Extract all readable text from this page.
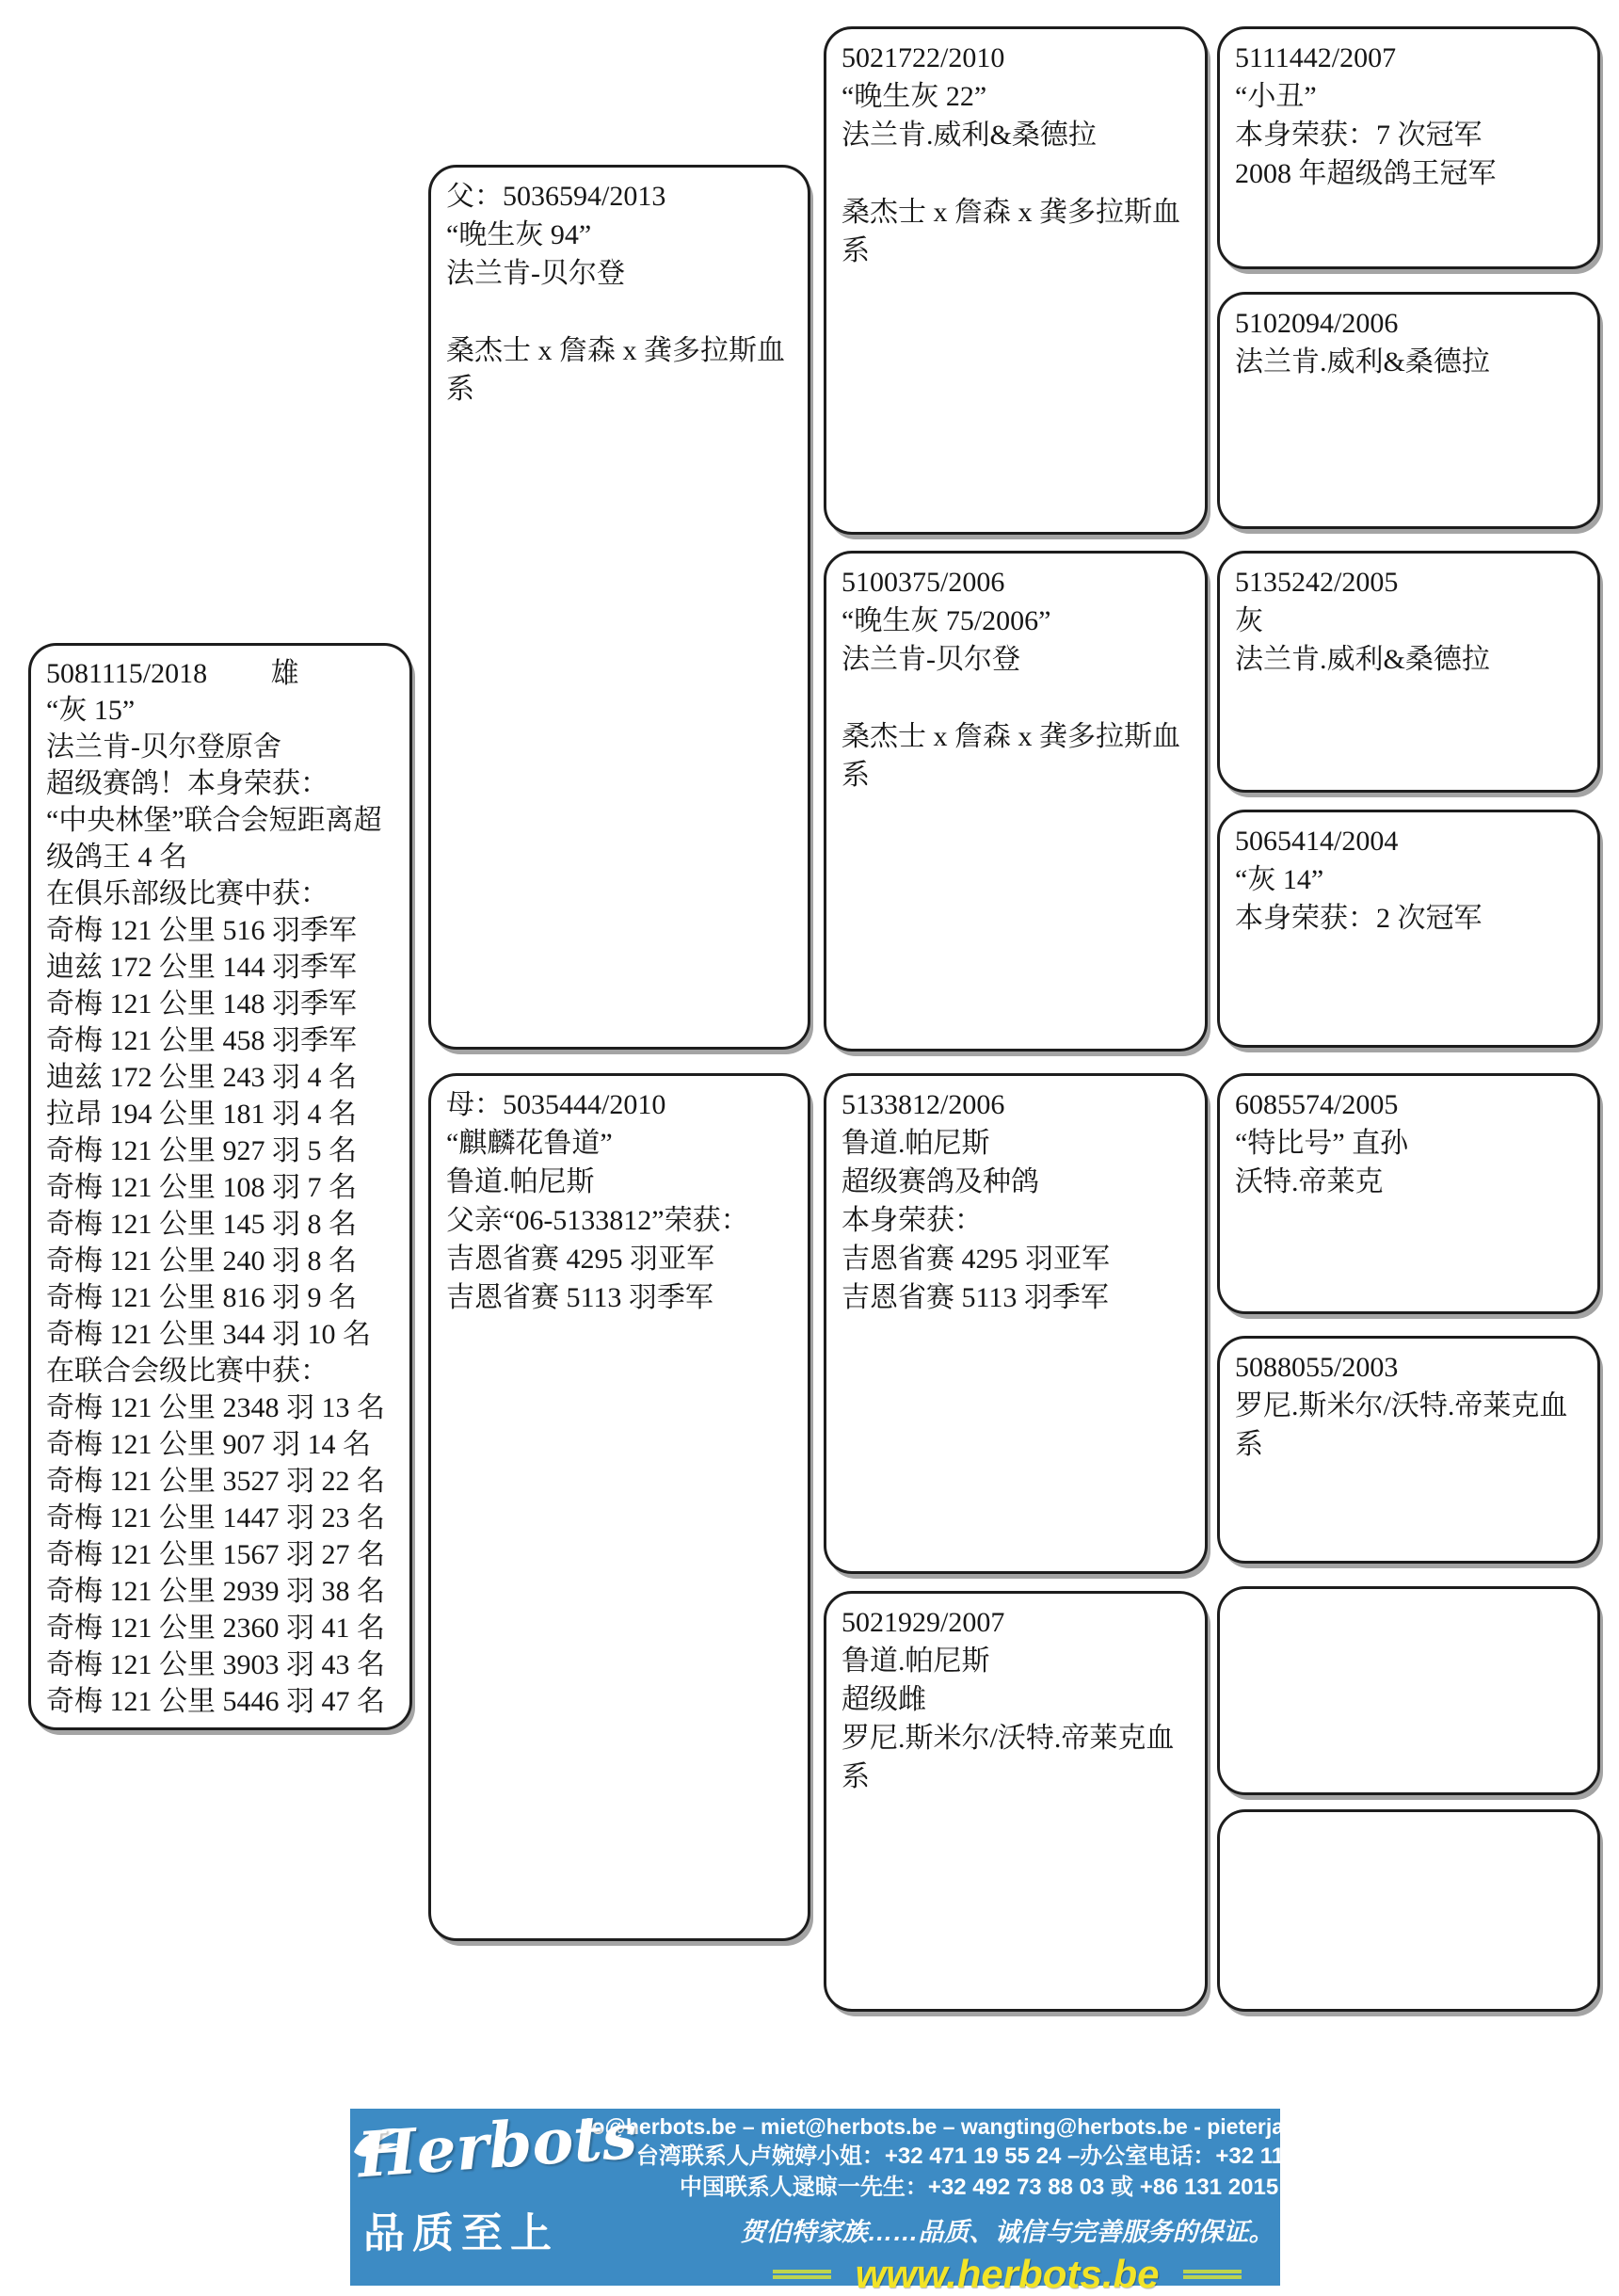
5081115/2018　　 雄
“灰 15”
法兰肯-贝尔登原舍
超级赛鸽！本身荣获：
“中央林堡”联合会短距离超
级鸽王 4 名
在俱乐部级比赛中获：
奇梅 121 公里 516 羽季军
迪兹 172 公里 144 羽季军
奇梅 121 公里 148 羽季军
奇梅 121 公里 458 羽季军
迪兹 172 公里 243 羽 4 名
拉昂 194 公里 181 羽 4 名
奇梅 121 公里 927 羽 5 名
奇梅 121 公里 108 羽 7 名
奇梅 121 公里 145 羽 8 名
奇梅 121 公里 240 羽 8 名
奇梅 121 公里 816 羽 9 名
奇梅 121 公里 344 羽 10 名
在联合会级比赛中获：
奇梅 121 公里 2348 羽 13 名
奇梅 121 公里 907 羽 14 名
奇梅 121 公里 3527 羽 22 名
奇梅 121 公里 1447 羽 23 名
奇梅 121 公里 1567 羽 27 名
奇梅 121 公里 2939 羽 38 名
奇梅 121 公里 2360 羽 41 名
奇梅 121 公里 3903 羽 43 名
奇梅 121 公里 5446 羽 47 名
父：5036594/2013
“晚生灰 94”
法兰肯-贝尔登

桑杰士 x 詹森 x 龚多拉斯血系
母：5035444/2010
“麒麟花鲁道”
鲁道.帕尼斯
父亲“06-5133812”荣获：
吉恩省赛 4295 羽亚军
吉恩省赛 5113 羽季军
5021722/2010
“晚生灰 22”
法兰肯.威利&桑德拉

桑杰士 x 詹森 x 龚多拉斯血系
5100375/2006
“晚生灰 75/2006”
法兰肯-贝尔登

桑杰士 x 詹森 x 龚多拉斯血系
5133812/2006
鲁道.帕尼斯
超级赛鸽及种鸽
本身荣获：
吉恩省赛 4295 羽亚军
吉恩省赛 5113 羽季军
5021929/2007
鲁道.帕尼斯
超级雌
罗尼.斯米尔/沃特.帝莱克血系
5111442/2007
“小丑”
本身荣获：7 次冠军
2008 年超级鸽王冠军
5102094/2006
法兰肯.威利&桑德拉
5135242/2005
灰
法兰肯.威利&桑德拉
5065414/2004
“灰 14”
本身荣获：2 次冠军
6085574/2005
“特比号” 直孙
沃特.帝莱克
5088055/2003
罗尼.斯米尔/沃特.帝莱克血系
Herbots
品质至上
jo@herbots.be – miet@herbots.be – wangting@herbots.be - pieterjan@herbots.be
台湾联系人卢婉婷小姐：+32 471 19 55 24 –办公室电话：+32 11 78 91 90
中国联系人逯晾一先生：+32 492 73 88 03 或 +86 131 2015 0755
贺伯特家族……品质、诚信与完善服务的保证。
www.herbots.be
